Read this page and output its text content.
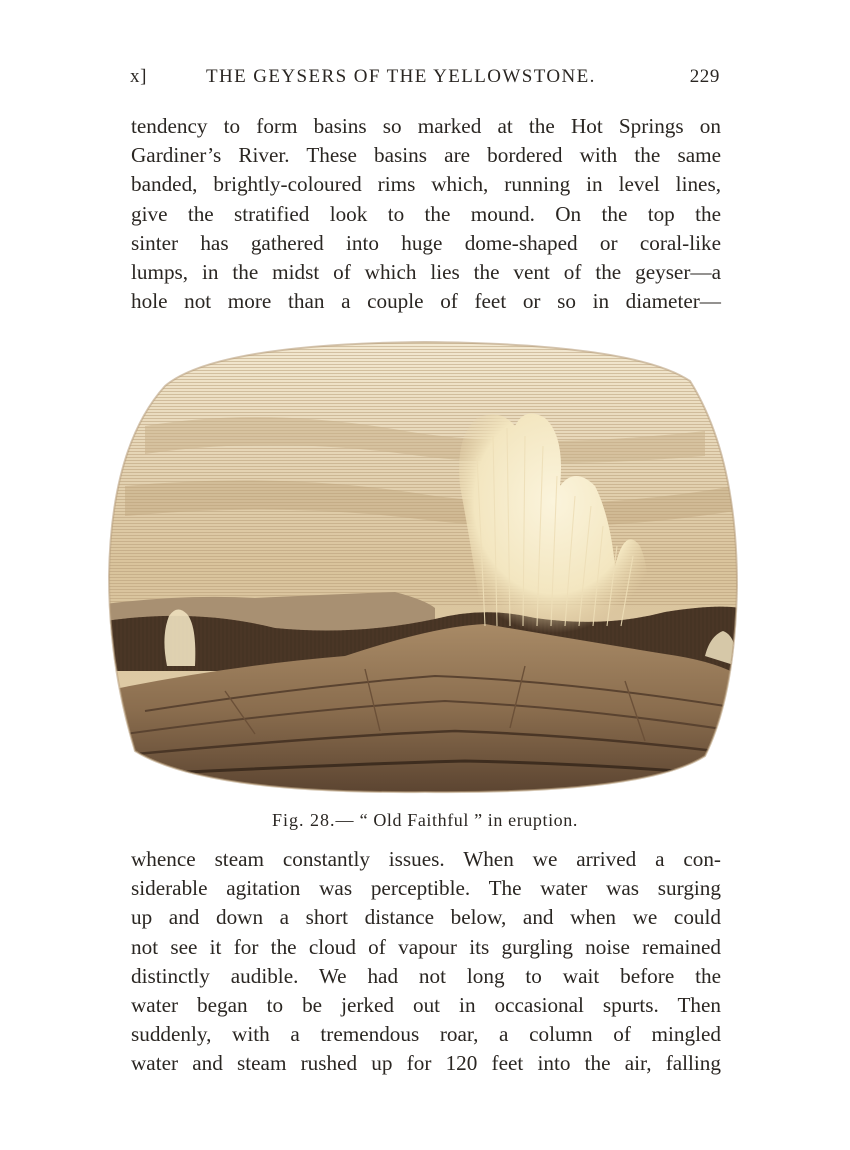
x]	THE GEYSERS OF THE YELLOWSTONE.	229
tendency to form basins so marked at the Hot Springs on
Gardiner’s River. These basins are bordered with the same
banded, brightly-coloured rims which, running in level lines,
give the stratified look to the mound. On the top the
sinter has gathered into huge dome-shaped or coral-like
lumps, in the midst of which lies the vent of the geyser—a
hole not more than a couple of feet or so in diameter—
Fig. 28.— “ Old Faithful ” in eruption.
whence steam constantly issues. When we arrived a con-
siderable agitation was perceptible. The water was surging
up and down a short distance below, and when we could
not see it for the cloud of vapour its gurgling noise remained
distinctly audible. We had not long to wait before the
water began to be jerked out in occasional spurts. Then
suddenly, with a tremendous roar, a column of mingled
water and steam rushed up for 120 feet into the air, falling
